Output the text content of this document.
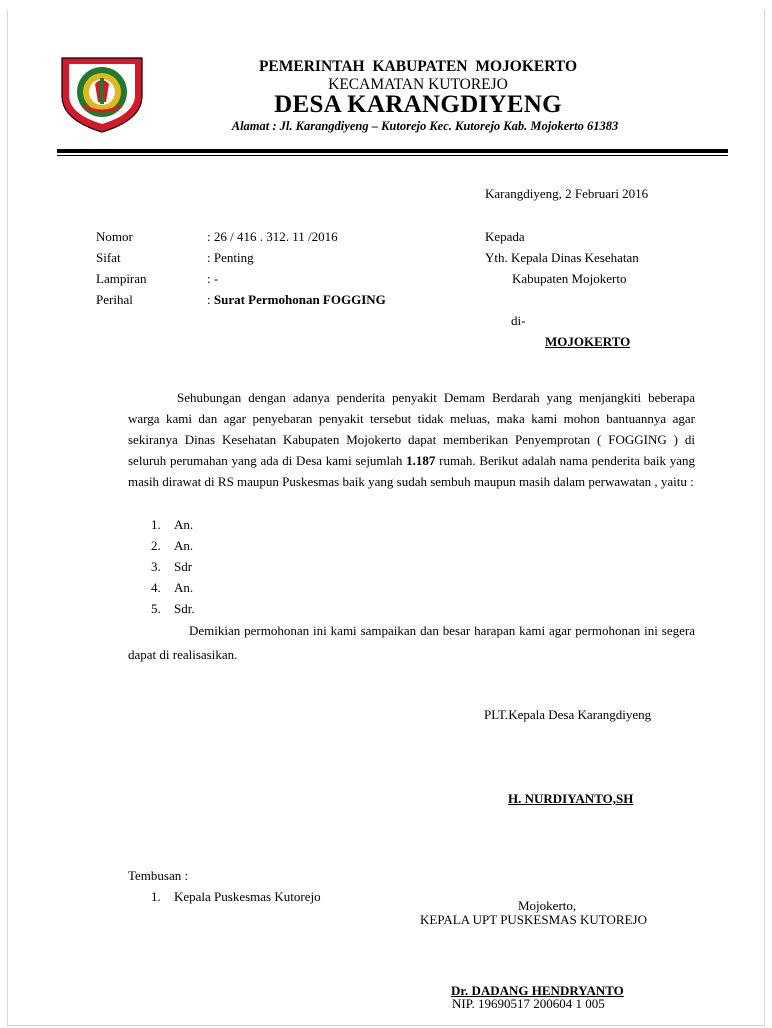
PEMERINTAH KABUPATEN MOJOKERTO
KECAMATAN KUTOREJO
DESA KARANGDIYENG
Alamat : Jl. Karangdiyeng – Kutorejo Kec. Kutorejo Kab. Mojokerto 61383
Karangdiyeng, 2 Februari 2016
Nomor	: 26 / 416 . 312. 11 /2016
Sifat	: Penting
Lampiran	: -
Perihal	: Surat Permohonan FOGGING
Kepada
Yth. Kepala Dinas Kesehatan
Kabupaten Mojokerto
di-
MOJOKERTO
Sehubungan dengan adanya penderita penyakit Demam Berdarah yang menjangkiti beberapa warga kami dan agar penyebaran penyakit tersebut tidak meluas, maka kami mohon bantuannya agar sekiranya Dinas Kesehatan Kabupaten Mojokerto dapat memberikan Penyemprotan ( FOGGING ) di seluruh perumahan yang ada di Desa kami sejumlah 1.187 rumah. Berikut adalah nama penderita baik yang masih dirawat di RS maupun Puskesmas baik yang sudah sembuh maupun masih dalam perwawatan , yaitu :
1. An.
2. An.
3. Sdr
4. An.
5. Sdr.
Demikian permohonan ini kami sampaikan dan besar harapan kami agar permohonan ini segera dapat di realisasikan.
PLT.Kepala Desa Karangdiyeng
H. NURDIYANTO,SH
Tembusan :
1. Kepala Puskesmas Kutorejo
Mojokerto,
KEPALA UPT PUSKESMAS KUTOREJO
Dr. DADANG HENDRYANTO
NIP. 19690517 200604 1 005
